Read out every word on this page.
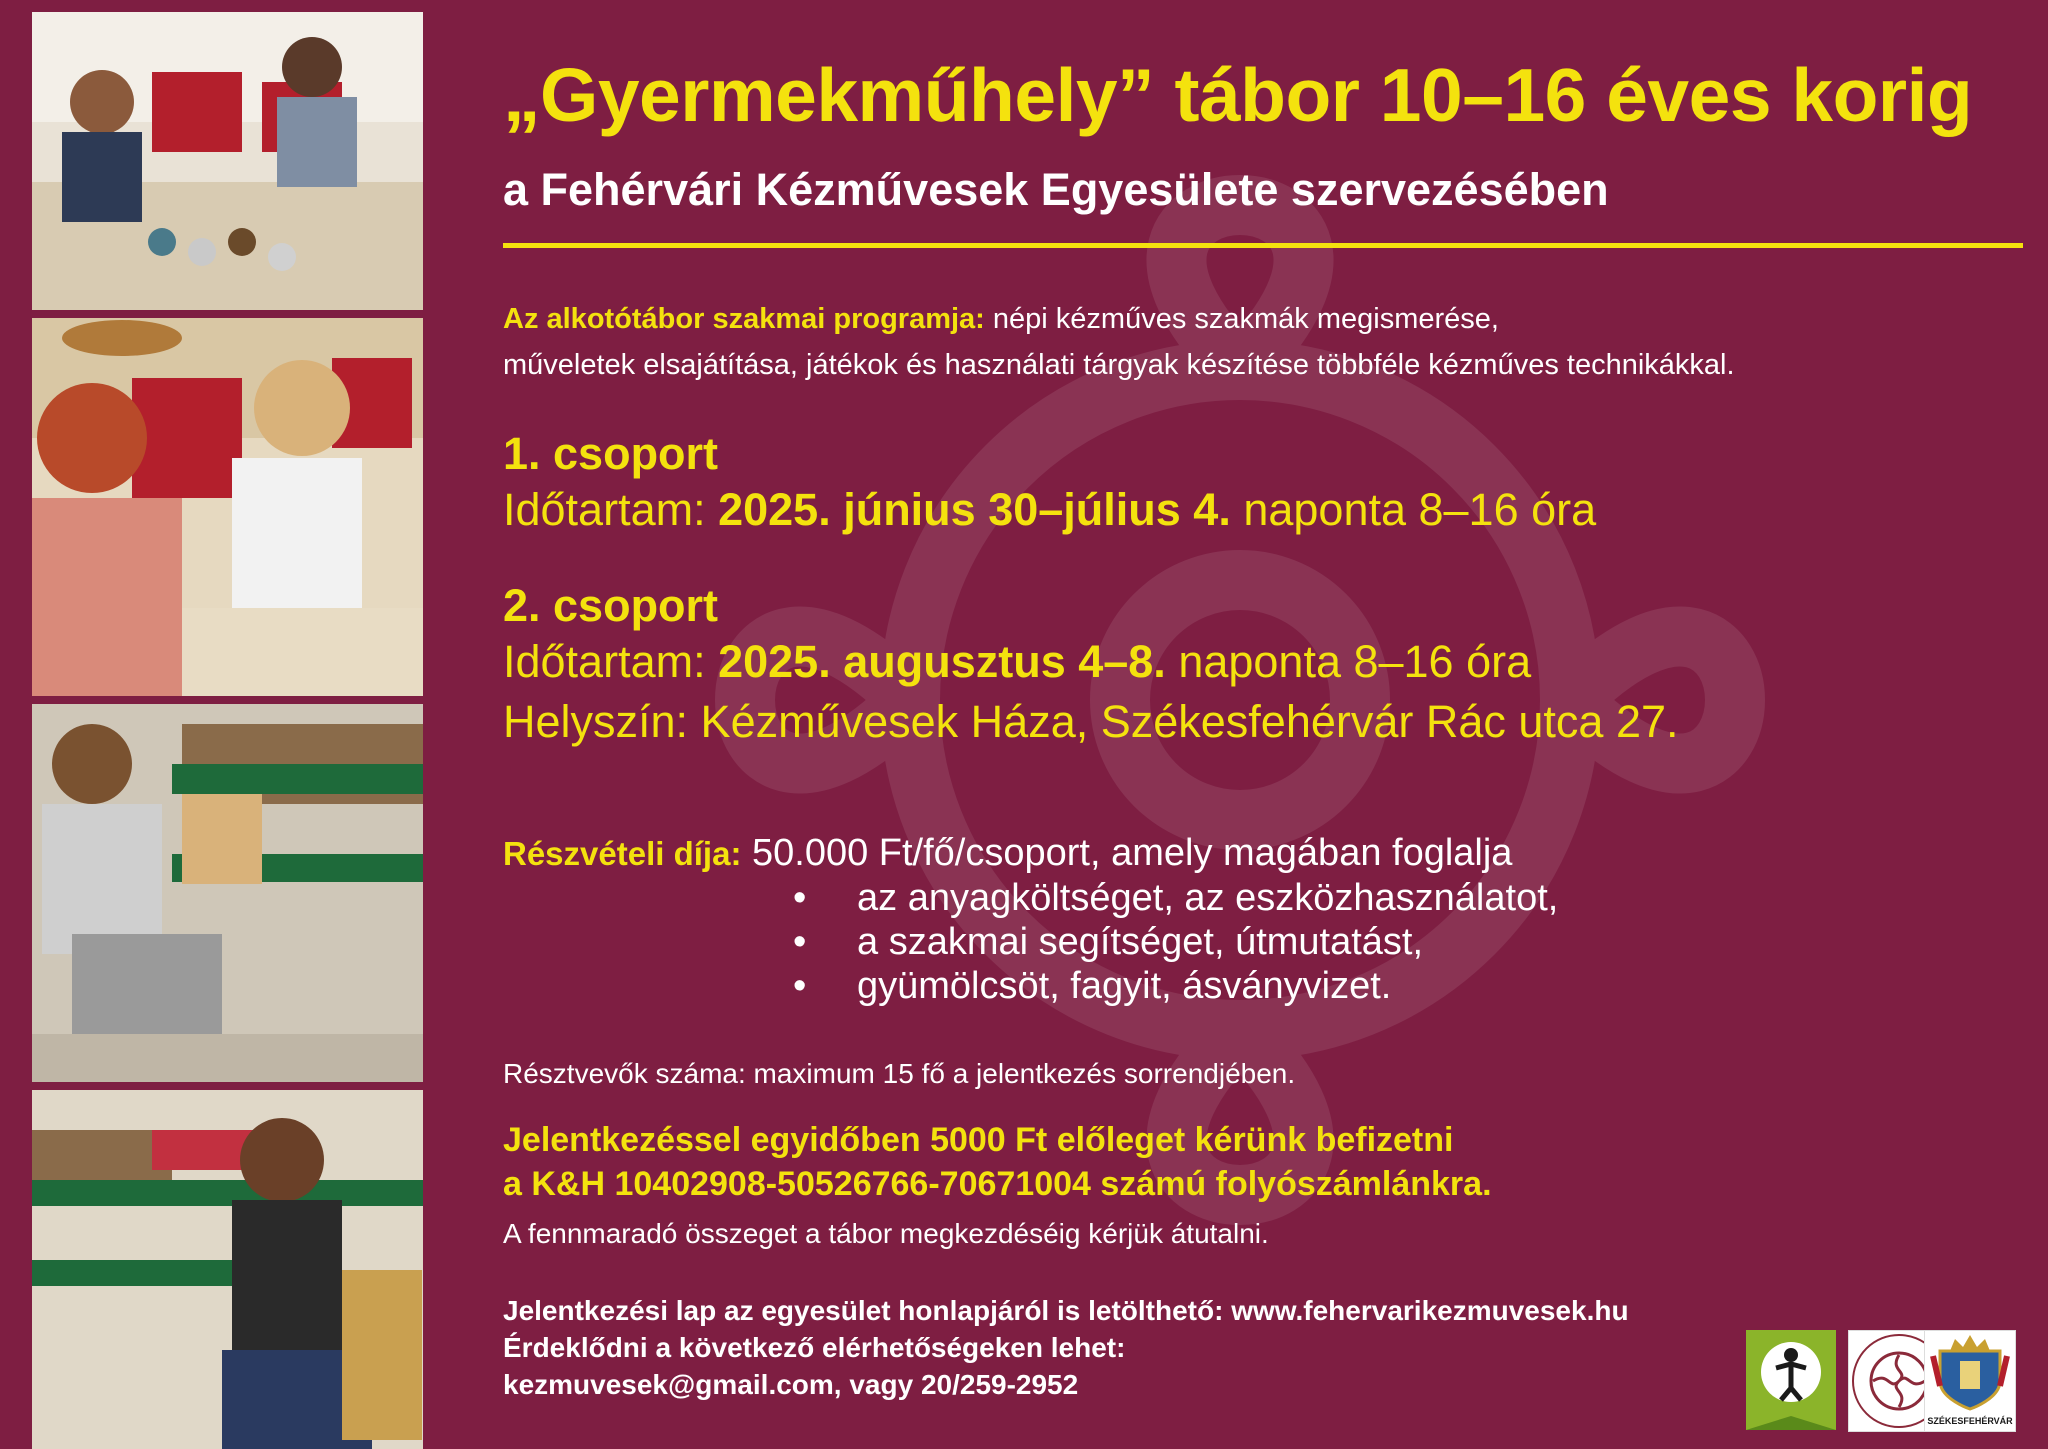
„Gyermekműhely” tábor 10–16 éves korig
a Fehérvári Kézművesek Egyesülete szervezésében
Az alkotótábor szakmai programja: népi kézműves szakmák megismerése,
műveletek elsajátítása, játékok és használati tárgyak készítése többféle kézműves technikákkal.
1. csoport
Időtartam: 2025. június 30–július 4. naponta 8–16 óra
2. csoport
Időtartam: 2025. augusztus 4–8. naponta 8–16 óra
Helyszín: Kézművesek Háza, Székesfehérvár Rác utca 27.
Részvételi díja: 50.000 Ft/fő/csoport, amely magában foglalja
• az anyagköltséget, az eszközhasználatot,
• a szakmai segítséget, útmutatást,
• gyümölcsöt, fagyit, ásványvizet.
Résztvevők száma: maximum 15 fő a jelentkezés sorrendjében.
Jelentkezéssel egyidőben 5000 Ft előleget kérünk befizetni
a K&H 10402908-50526766-70671004 számú folyószámlánkra.
A fennmaradó összeget a tábor megkezdéséig kérjük átutalni.
Jelentkezési lap az egyesület honlapjáról is letölthető: www.fehervarikezmuvesek.hu
Érdeklődni a következő elérhetőségeken lehet:
kezmuvesek@gmail.com, vagy 20/259-2952
SZÉKESFEHÉRVÁR
